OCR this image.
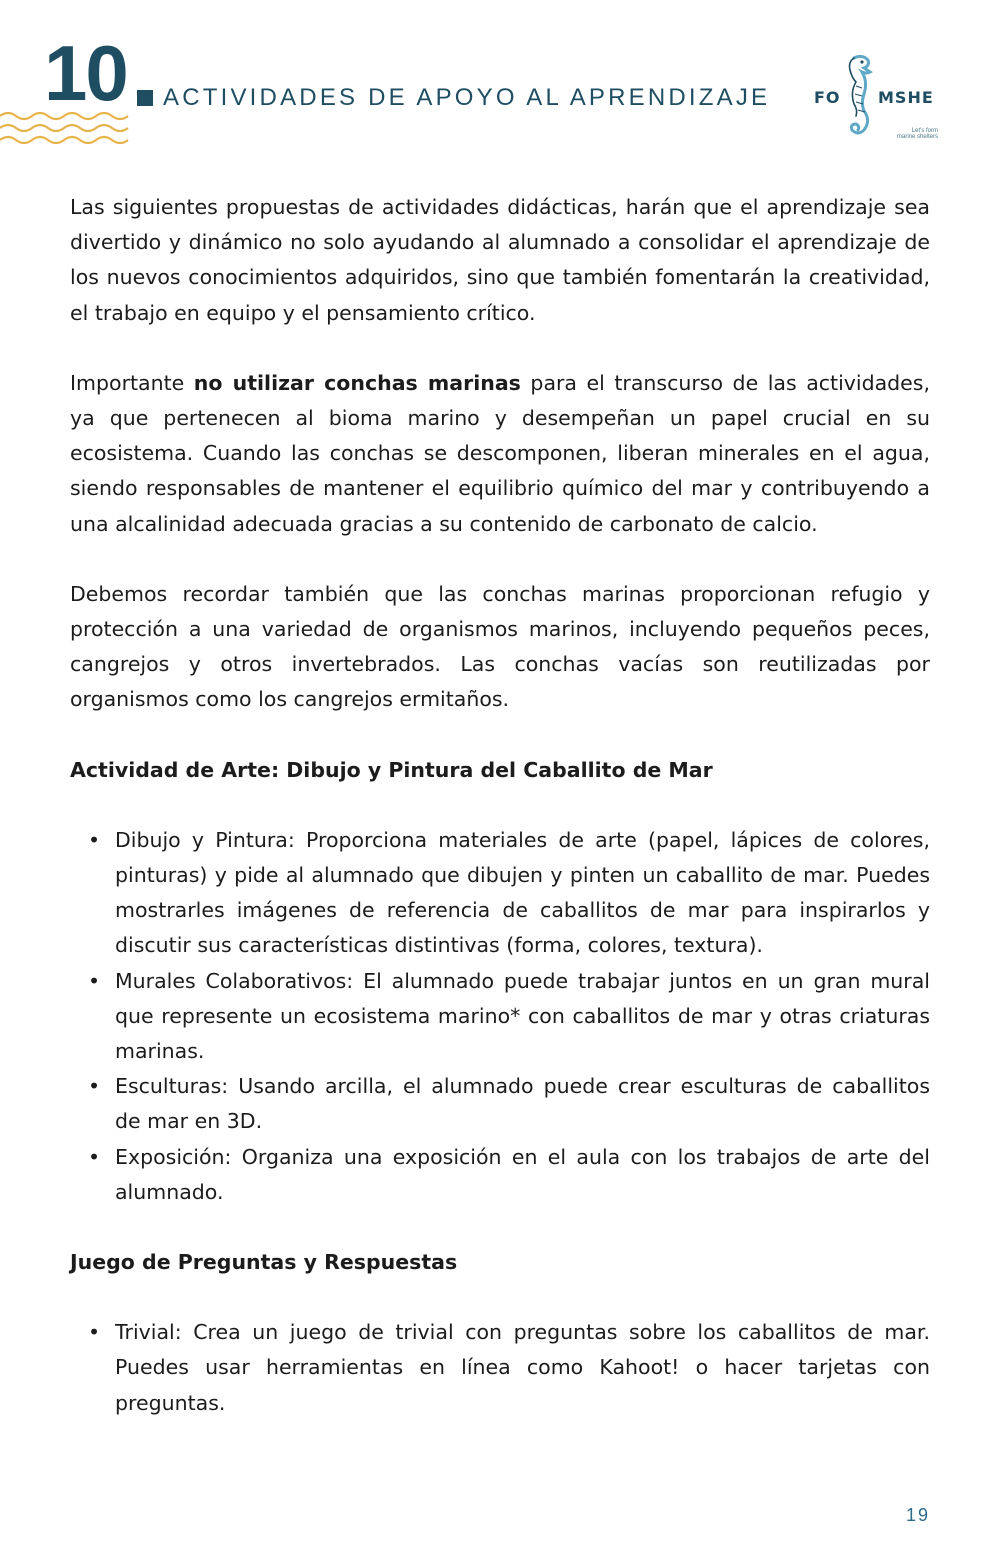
10 ACTIVIDADES DE APOYO AL APRENDIZAJE	FO MSHE
Let's form marine shelters

Las siguientes propuestas de actividades didácticas, harán que el aprendizaje sea divertido y dinámico no solo ayudando al alumnado a consolidar el aprendizaje de los nuevos conocimientos adquiridos, sino que también fomentarán la creatividad, el trabajo en equipo y el pensamiento crítico.

Importante no utilizar conchas marinas para el transcurso de las actividades, ya que pertenecen al bioma marino y desempeñan un papel crucial en su ecosistema. Cuando las conchas se descomponen, liberan minerales en el agua, siendo responsables de mantener el equilibrio químico del mar y contribuyendo a una alcalinidad adecuada gracias a su contenido de carbonato de calcio.

Debemos recordar también que las conchas marinas proporcionan refugio y protección a una variedad de organismos marinos, incluyendo pequeños peces, cangrejos y otros invertebrados. Las conchas vacías son reutilizadas por organismos como los cangrejos ermitaños.

Actividad de Arte: Dibujo y Pintura del Caballito de Mar
• Dibujo y Pintura: Proporciona materiales de arte (papel, lápices de colores, pinturas) y pide al alumnado que dibujen y pinten un caballito de mar. Puedes mostrarles imágenes de referencia de caballitos de mar para inspirarlos y discutir sus características distintivas (forma, colores, textura).
• Murales Colaborativos: El alumnado puede trabajar juntos en un gran mural que represente un ecosistema marino* con caballitos de mar y otras criaturas marinas.
• Esculturas: Usando arcilla, el alumnado puede crear esculturas de caballitos de mar en 3D.
• Exposición: Organiza una exposición en el aula con los trabajos de arte del alumnado.
Juego de Preguntas y Respuestas
• Trivial: Crea un juego de trivial con preguntas sobre los caballitos de mar. Puedes usar herramientas en línea como Kahoot! o hacer tarjetas con preguntas.
19
